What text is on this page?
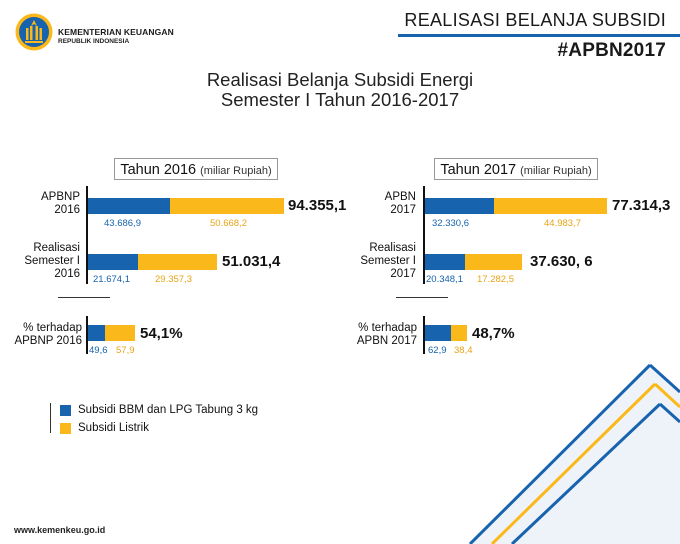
KEMENTERIAN KEUANGAN
REPUBLIK INDONESIA
REALISASI BELANJA SUBSIDI
#APBN2017
Realisasi Belanja Subsidi Energi
Semester I Tahun 2016-2017
Tahun 2016 (miliar Rupiah)
APBNP
2016	94.355,1
43.686,9	50.668,2
Realisasi
Semester I
2016
51.031,4
21.674,1	29.357,3
% terhadap
APBNP 2016	54,1%
49,6 57,9
Tahun 2017 (miliar Rupiah)
APBN
2017	77.314,3
32.330,6	44.983,7
Realisasi
Semester I
2017
37.630, 6
20.348,1 17.282,5
% terhadap
APBN 2017	48,7%
62,9 38,4
Subsidi BBM dan LPG Tabung 3 kg
Subsidi Listrik
www.kemenkeu.go.id
